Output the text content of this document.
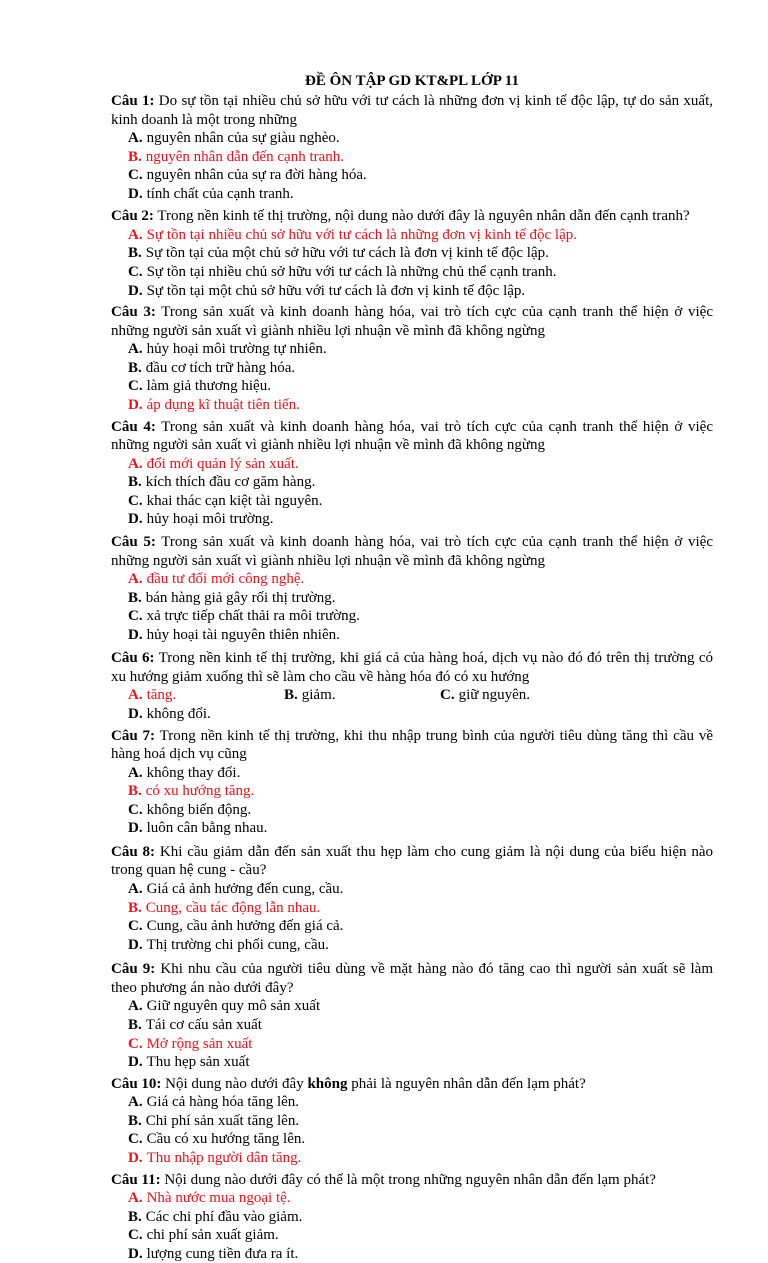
ĐỀ ÔN TẬP GD KT&PL LỚP 11
Câu 1: Do sự tồn tại nhiều chủ sở hữu với tư cách là những đơn vị kinh tế độc lập, tự do sản xuất, kinh doanh là một trong những
A. nguyên nhân của sự giàu nghèo.
B. nguyên nhân dẫn đến cạnh tranh.
C. nguyên nhân của sự ra đời hàng hóa.
D. tính chất của cạnh tranh.
Câu 2: Trong nền kinh tế thị trường, nội dung nào dưới đây là nguyên nhân dẫn đến cạnh tranh?
A. Sự tồn tại nhiều chủ sở hữu với tư cách là những đơn vị kinh tế độc lập.
B. Sự tồn tại của một chủ sở hữu với tư cách là đơn vị kinh tế độc lập.
C. Sự tồn tại nhiều chủ sở hữu với tư cách là những chủ thể cạnh tranh.
D. Sự tồn tại một chủ sở hữu với tư cách là đơn vị kinh tế độc lập.
Câu 3: Trong sản xuất và kinh doanh hàng hóa, vai trò tích cực của cạnh tranh thể hiện ở việc những người sản xuất vì giành nhiều lợi nhuận về mình đã không ngừng
A. hủy hoại môi trường tự nhiên.
B. đầu cơ tích trữ hàng hóa.
C. làm giả thương hiệu.
D. áp dụng kĩ thuật tiên tiến.
Câu 4: Trong sản xuất và kinh doanh hàng hóa, vai trò tích cực của cạnh tranh thể hiện ở việc những người sản xuất vì giành nhiều lợi nhuận về mình đã không ngừng
A. đổi mới quản lý sản xuất.
B. kích thích đầu cơ găm hàng.
C. khai thác cạn kiệt tài nguyên.
D. hủy hoại môi trường.
Câu 5: Trong sản xuất và kinh doanh hàng hóa, vai trò tích cực của cạnh tranh thể hiện ở việc những người sản xuất vì giành nhiều lợi nhuận về mình đã không ngừng
A. đầu tư đổi mới công nghệ.
B. bán hàng giả gây rối thị trường.
C. xả trực tiếp chất thải ra môi trường.
D. hủy hoại tài nguyên thiên nhiên.
Câu 6: Trong nền kinh tế thị trường, khi giá cả của hàng hoá, dịch vụ nào đó đó trên thị trường có xu hướng giảm xuống thì sẽ làm cho cầu về hàng hóa đó có xu hướng
A. tăng.	B. giảm.	C. giữ nguyên.
D. không đổi.
Câu 7: Trong nền kinh tế thị trường, khi thu nhập trung bình của người tiêu dùng tăng thì cầu về hàng hoá dịch vụ cũng
A. không thay đổi.
B. có xu hướng tăng.
C. không biến động.
D. luôn cân bằng nhau.
Câu 8: Khi cầu giảm dẫn đến sản xuất thu hẹp làm cho cung giảm là nội dung của biểu hiện nào trong quan hệ cung - cầu?
A. Giá cả ảnh hưởng đến cung, cầu.
B. Cung, cầu tác động lẫn nhau.
C. Cung, cầu ảnh hưởng đến giá cả.
D. Thị trường chi phối cung, cầu.
Câu 9: Khi nhu cầu của người tiêu dùng về mặt hàng nào đó tăng cao thì người sản xuất sẽ làm theo phương án nào dưới đây?
A. Giữ nguyên quy mô sản xuất
B. Tái cơ cấu sản xuất
C. Mở rộng sản xuất
D. Thu hẹp sản xuất
Câu 10: Nội dung nào dưới đây không phải là nguyên nhân dẫn đến lạm phát?
A. Giá cả hàng hóa tăng lên.
B. Chi phí sản xuất tăng lên.
C. Cầu có xu hướng tăng lên.
D. Thu nhập người dân tăng.
Câu 11: Nội dung nào dưới đây có thể là một trong những nguyên nhân dẫn đến lạm phát?
A. Nhà nước mua ngoại tệ.
B. Các chi phí đầu vào giảm.
C. chi phí sản xuất giảm.
D. lượng cung tiền đưa ra ít.
